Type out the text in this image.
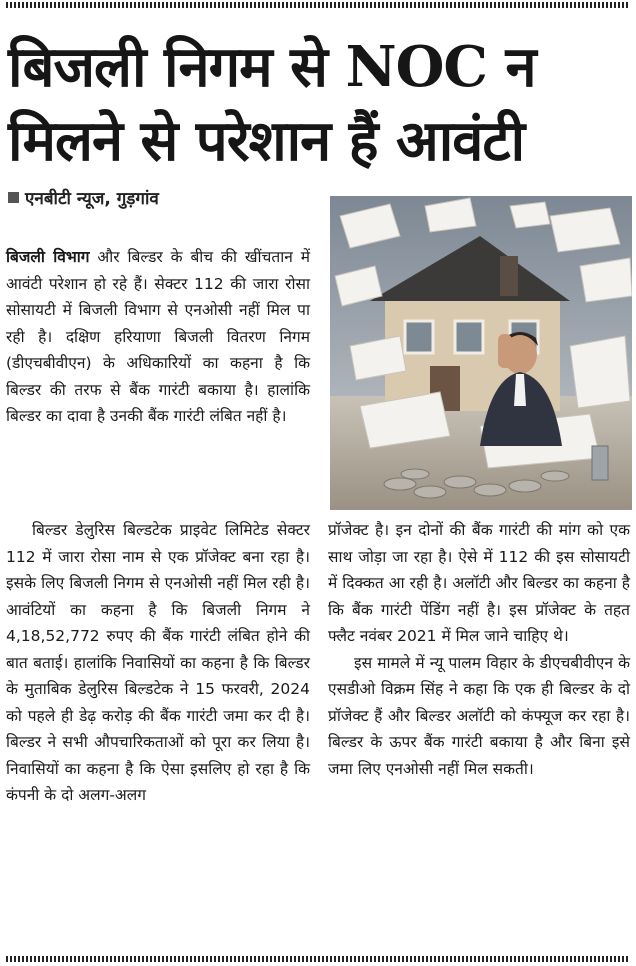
बिजली निगम से NOC न
मिलने से परेशान हैं आवंटी
एनबीटी न्यूज, गुड़गांव

बिजली विभाग और बिल्डर के बीच की खींचतान में आवंटी परेशान हो रहे हैं। सेक्टर 112 की जारा रोसा सोसायटी में बिजली विभाग से एनओसी नहीं मिल पा रही है। दक्षिण हरियाणा बिजली वितरण निगम (डीएचबीवीएन) के अधिकारियों का कहना है कि बिल्डर की तरफ से बैंक गारंटी बकाया है। हालांकि बिल्डर का दावा है उनकी बैंक गारंटी लंबित नहीं है।

बिल्डर डेलुरिस बिल्डटेक प्राइवेट लिमिटेड सेक्टर 112 में जारा रोसा नाम से एक प्रॉजेक्ट बना रहा है। इसके लिए बिजली निगम से एनओसी नहीं मिल रही है। आवंटियों का कहना है कि बिजली निगम ने 4,18,52,772 रुपए की बैंक गारंटी लंबित होने की बात बताई। हालांकि निवासियों का कहना है कि बिल्डर के मुताबिक डेलुरिस बिल्डटेक ने 15 फरवरी, 2024 को पहले ही डेढ़ करोड़ की बैंक गारंटी जमा कर दी है। बिल्डर ने सभी औपचारिकताओं को पूरा कर लिया है। निवासियों का कहना है कि ऐसा इसलिए हो रहा है कि कंपनी के दो अलग-अलग

प्रॉजेक्ट है। इन दोनों की बैंक गारंटी की मांग को एक साथ जोड़ा जा रहा है। ऐसे में 112 की इस सोसायटी में दिक्कत आ रही है। अलॉटी और बिल्डर का कहना है कि बैंक गारंटी पेंडिंग नहीं है। इस प्रॉजेक्ट के तहत फ्लैट नवंबर 2021 में मिल जाने चाहिए थे।

इस मामले में न्यू पालम विहार के डीएचबीवीएन के एसडीओ विक्रम सिंह ने कहा कि एक ही बिल्डर के दो प्रॉजेक्ट हैं और बिल्डर अलॉटी को कंफ्यूज कर रहा है। बिल्डर के ऊपर बैंक गारंटी बकाया है और बिना इसे जमा लिए एनओसी नहीं मिल सकती।
